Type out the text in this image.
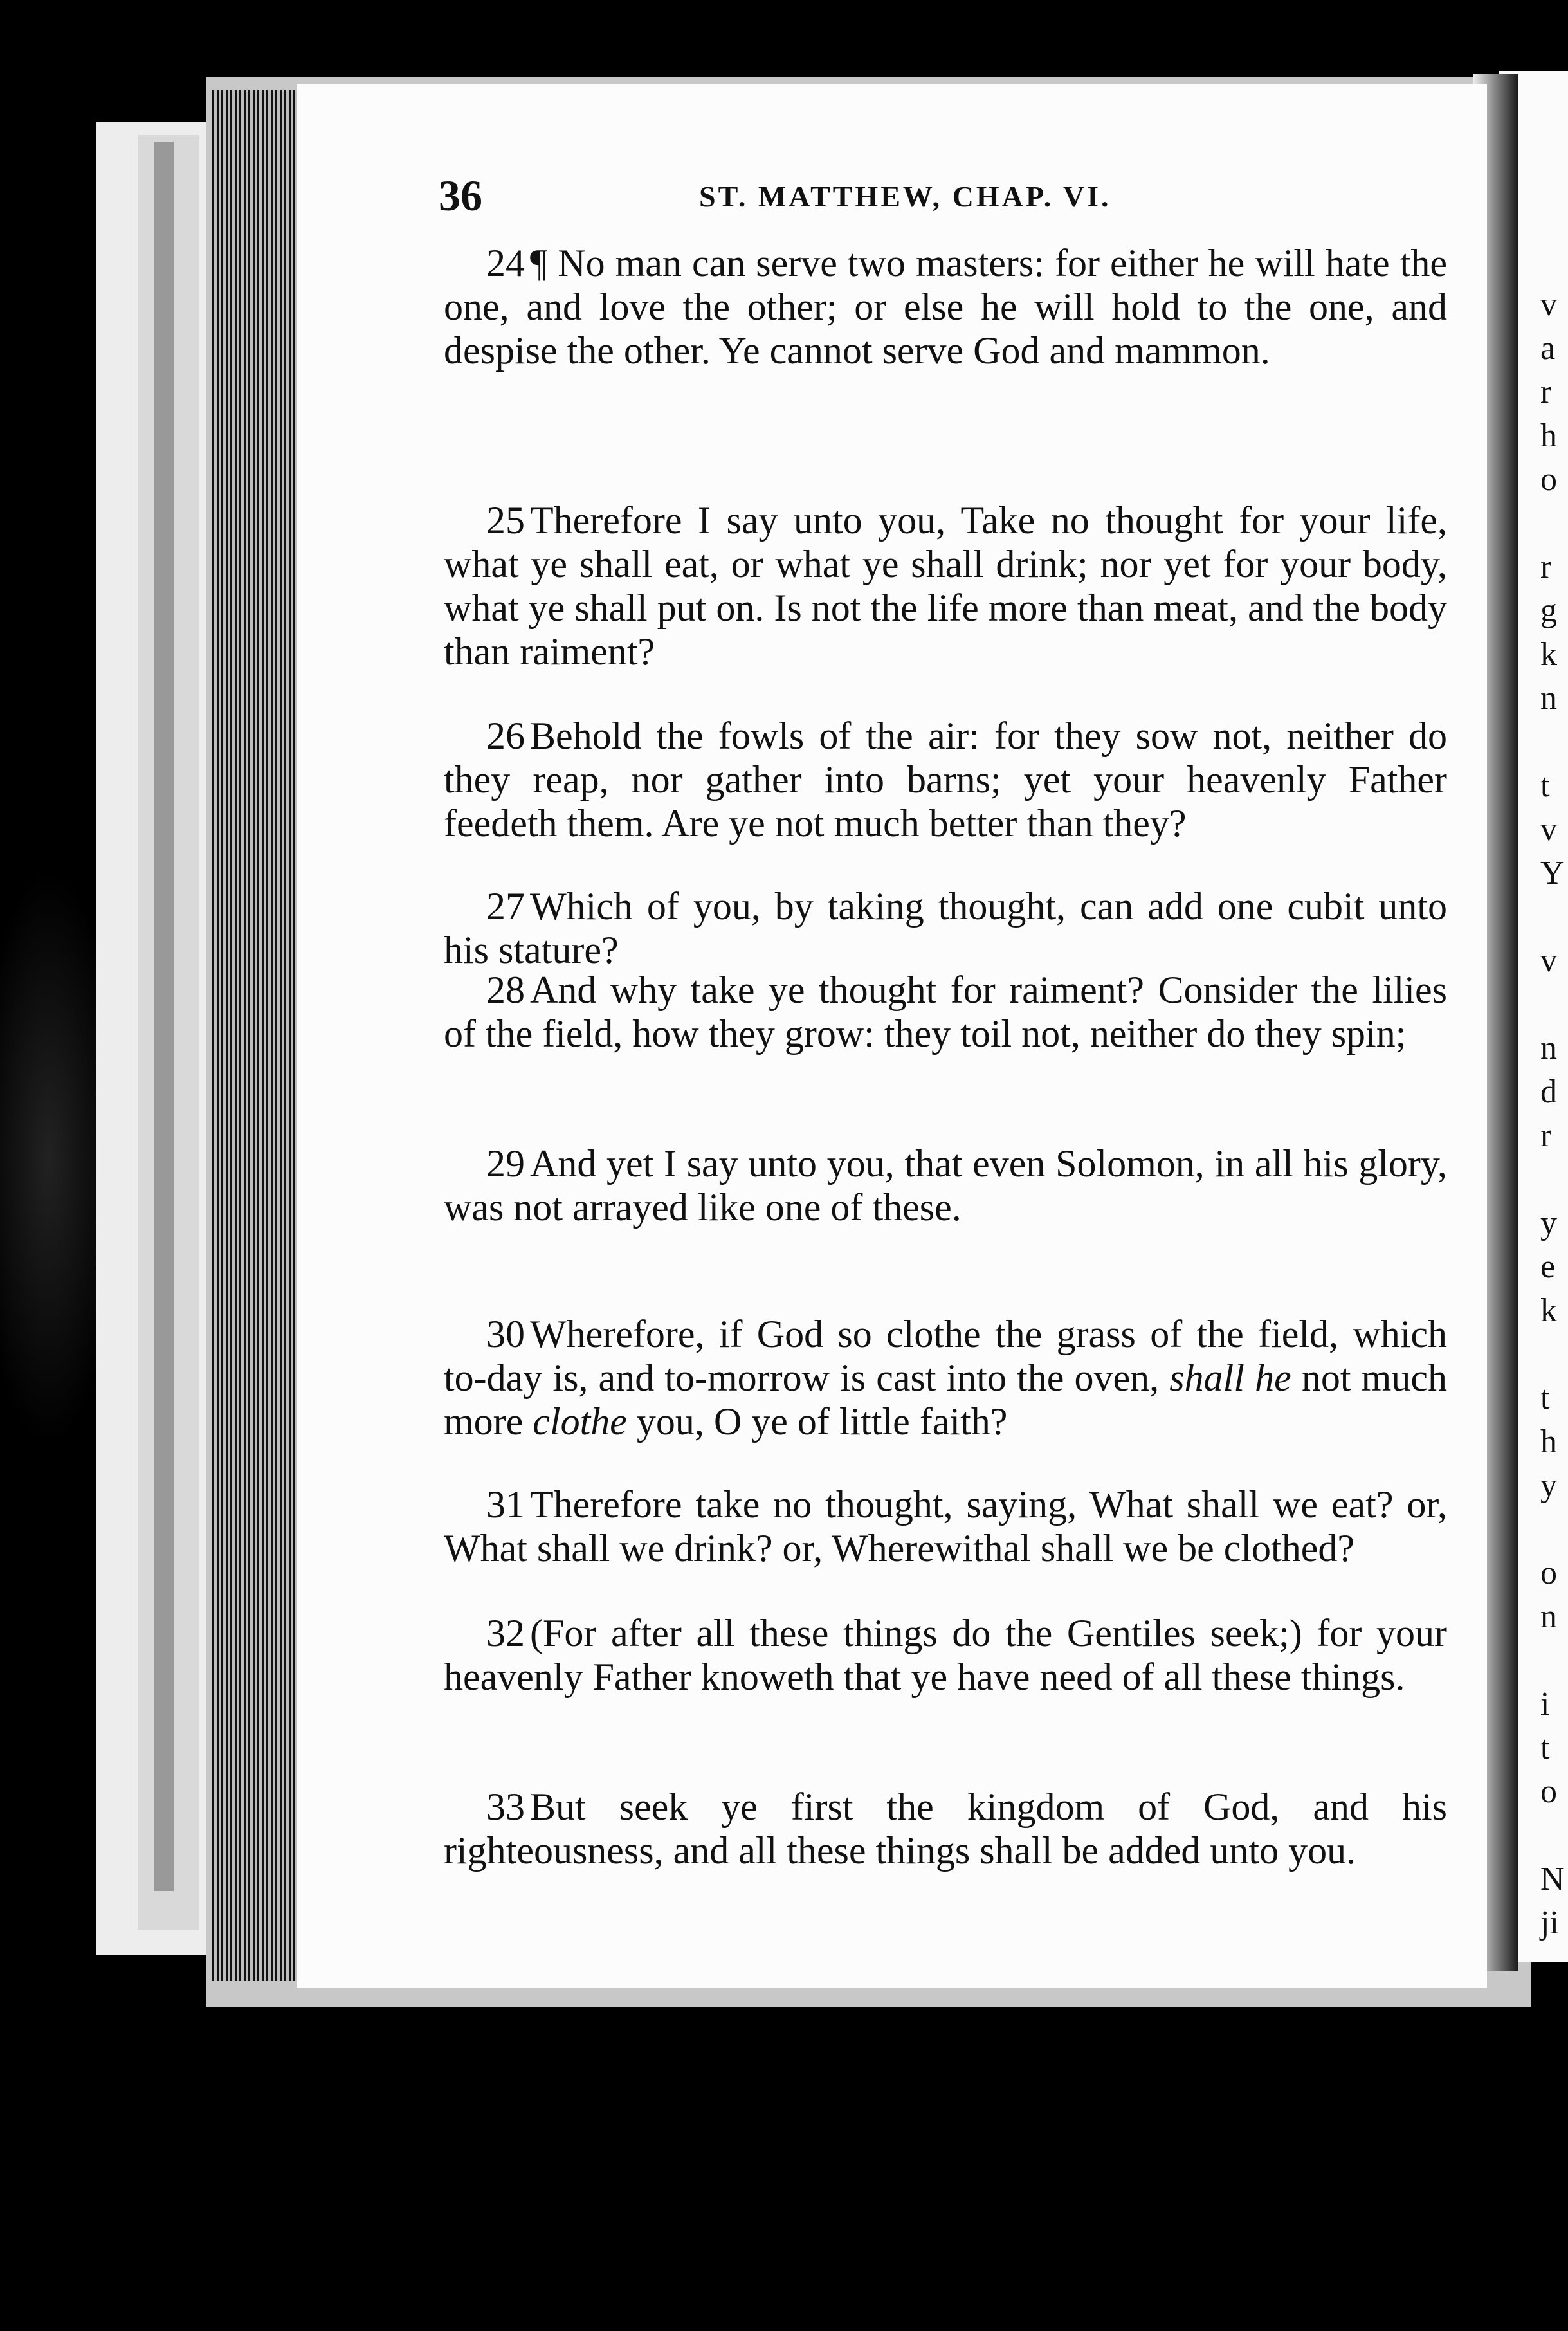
36	ST. MATTHEW, CHAP. VI.

24 ¶ No man can serve two masters: for either he will hate the one, and love the other; or else he will hold to the one, and despise the other. Ye cannot serve God and mammon.

25 Therefore I say unto you, Take no thought for your life, what ye shall eat, or what ye shall drink; nor yet for your body, what ye shall put on. Is not the life more than meat, and the body than raiment?

26 Behold the fowls of the air: for they sow not, neither do they reap, nor gather into barns; yet your heavenly Father feedeth them. Are ye not much better than they?

27 Which of you, by taking thought, can add one cubit unto his stature?

28 And why take ye thought for raiment? Consider the lilies of the field, how they grow: they toil not, neither do they spin;

29 And yet I say unto you, that even Solomon, in all his glory, was not arrayed like one of these.

30 Wherefore, if God so clothe the grass of the field, which to-day is, and to-morrow is cast into the oven, shall he not much more clothe you, O ye of little faith?

31 Therefore take no thought, saying, What shall we eat? or, What shall we drink? or, Wherewithal shall we be clothed?

32 (For after all these things do the Gentiles seek;) for your heavenly Father knoweth that ye have need of all these things.

33 But seek ye first the kingdom of God, and his righteousness, and all these things shall be added unto you.

v
a
r
h
o
r
g
k
n
t
v
Y
v
n
d
r
y
e
k
t
h
y
o
n
i
t
o
N
ji
